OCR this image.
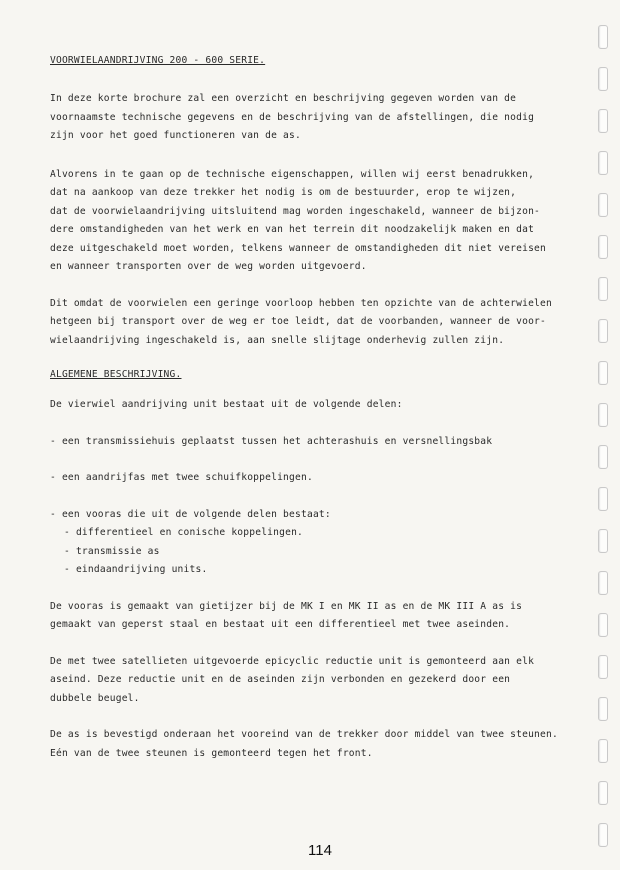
VOORWIELAANDRIJVING 200 - 600 SERIE.

In deze korte brochure zal een overzicht en beschrijving gegeven worden van de
voornaamste technische gegevens en de beschrijving van de afstellingen, die nodig
zijn voor het goed functioneren van de as.
Alvorens in te gaan op de technische eigenschappen, willen wij eerst benadrukken,
dat na aankoop van deze trekker het nodig is om de bestuurder, erop te wijzen,
dat de voorwielaandrijving uitsluitend mag worden ingeschakeld, wanneer de bijzon-
dere omstandigheden van het werk en van het terrein dit noodzakelijk maken en dat
deze uitgeschakeld moet worden, telkens wanneer de omstandigheden dit niet vereisen
en wanneer transporten over de weg worden uitgevoerd.
Dit omdat de voorwielen een geringe voorloop hebben ten opzichte van de achterwielen
hetgeen bij transport over de weg er toe leidt, dat de voorbanden, wanneer de voor-
wielaandrijving ingeschakeld is, aan snelle slijtage onderhevig zullen zijn.

ALGEMENE BESCHRIJVING.

De vierwiel aandrijving unit bestaat uit de volgende delen:
- een transmissiehuis geplaatst tussen het achterashuis en versnellingsbak
- een aandrijfas met twee schuifkoppelingen.
- een vooras die uit de volgende delen bestaat:
- differentieel en conische koppelingen.
- transmissie as
- eindaandrijving units.
De vooras is gemaakt van gietijzer bij de MK I en MK II as en de MK III A as is
gemaakt van geperst staal en bestaat uit een differentieel met twee aseinden.
De met twee satellieten uitgevoerde epicyclic reductie unit is gemonteerd aan elk
aseind. Deze reductie unit en de aseinden zijn verbonden en gezekerd door een
dubbele beugel.
De as is bevestigd onderaan het vooreind van de trekker door middel van twee steunen.
Eén van de twee steunen is gemonteerd tegen het front.
114
